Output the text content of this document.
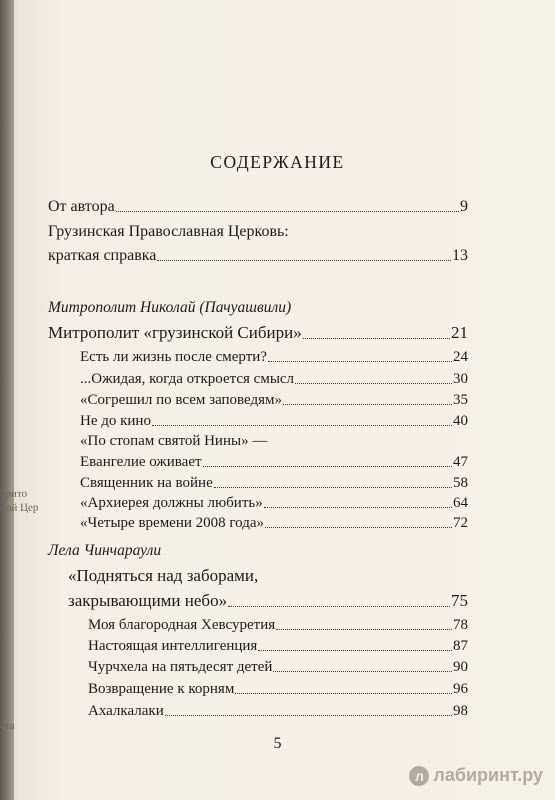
ррито
ной Цер
ета
СОДЕРЖАНИЕ
От автора	9
Грузинская Православная Церковь:
краткая справка	13
Митрополит Николай (Пачуашвили)
Митрополит «грузинской Сибири»	21
Есть ли жизнь после смерти?	24
...Ожидая, когда откроется смысл	30
«Согрешил по всем заповедям»	35
Не до кино	40
«По стопам святой Нины» —
Евангелие оживает	47
Священник на войне	58
«Архиерея должны любить»	64
«Четыре времени 2008 года»	72
Лела Чинчараули
«Подняться над заборами,
закрывающими небо»	75
Моя благородная Хевсуретия	78
Настоящая интеллигенция	87
Чурчхела на пятьдесят детей	90
Возвращение к корням	96
Ахалкалаки	98
5
л лабиринт.ру
